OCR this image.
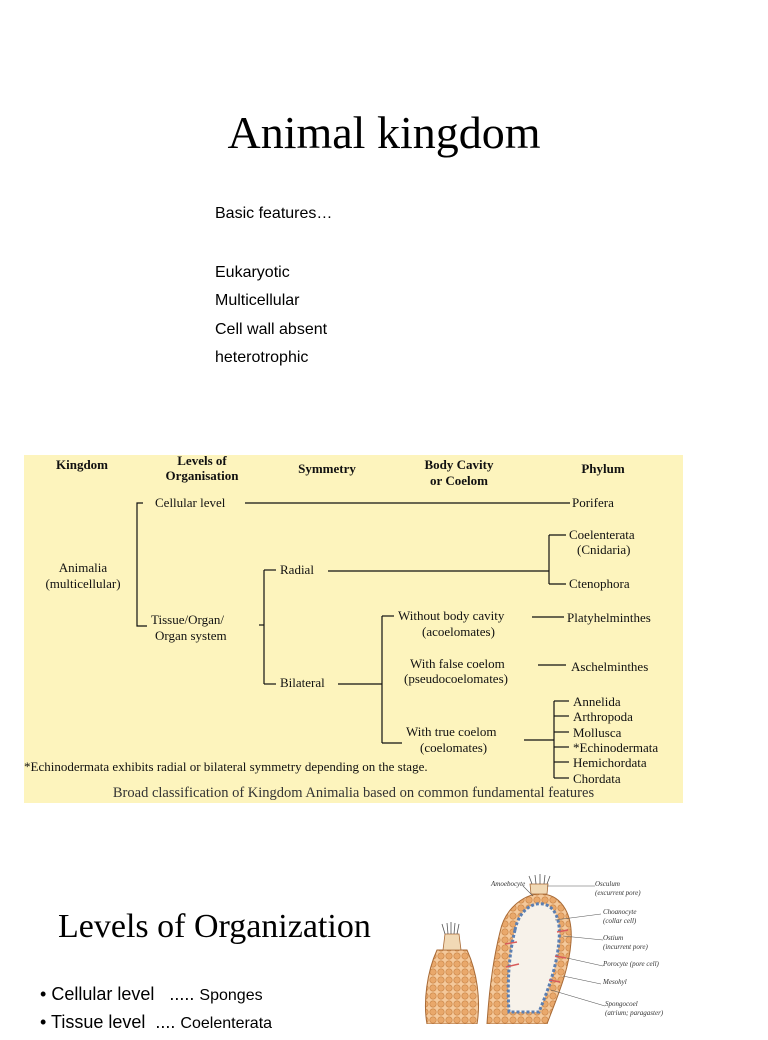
Animal kingdom
Basic features…
Eukaryotic
Multicellular
Cell wall absent
heterotrophic
Kingdom	Levels of
Organisation	Symmetry	Body Cavity
or Coelom
Phylum
Animalia
(multicellular)
Cellular level
Tissue/Organ/
Organ system
Radial
Bilateral
Without body cavity
(acoelomates)
With false coelom
(pseudocoelomates)
With true coelom
(coelomates)
Porifera
Coelenterata
(Cnidaria)
Ctenophora
Platyhelminthes
Aschelminthes
Annelida
Arthropoda
Mollusca
*Echinodermata
Hemichordata
Chordata
*Echinodermata exhibits radial or bilateral symmetry depending on the stage.
Broad classification of Kingdom Animalia based on common fundamental features
Levels of Organization
• Cellular level ..... Sponges
• Tissue level .... Coelenterata
Amoebocyte	Osculum
(excurrent pore)
Choanocyte
(collar cell)
Ostium
(incurrent pore)
Porocyte (pore cell)
Mesohyl
Spongocoel
(atrium; paragaster)
